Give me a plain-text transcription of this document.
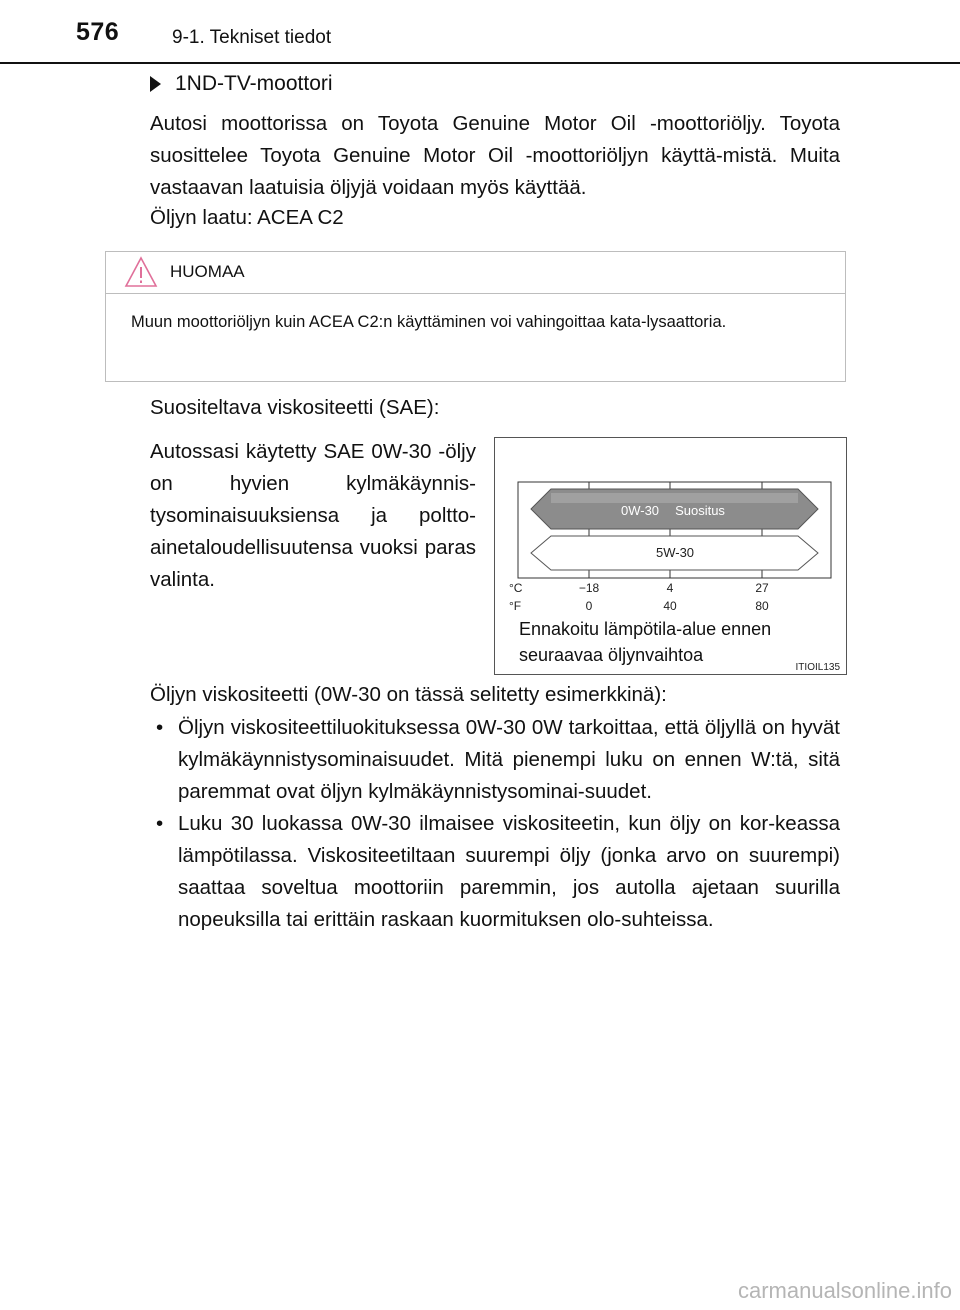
576	9-1. Tekniset tiedot
1ND-TV-moottori
Autosi moottorissa on Toyota Genuine Motor Oil -moottoriöljy. Toyota suosittelee Toyota Genuine Motor Oil -moottoriöljyn käyttä-mistä. Muita vastaavan laatuisia öljyjä voidaan myös käyttää.
Öljyn laatu: ACEA C2
HUOMAA
Muun moottoriöljyn kuin ACEA C2:n käyttäminen voi vahingoittaa kata-lysaattoria.
Suositeltava viskositeetti (SAE):
Autossasi käytetty SAE 0W-30 -öljy on hyvien kylmäkäynnis-tysominaisuuksiensa ja poltto-ainetaloudellisuutensa vuoksi paras valinta.
0W-30 Suositus
5W-30
°C
°F
−18	4	27
0	40	80
Ennakoitu lämpötila-alue ennen
seuraavaa öljynvaihtoa
ITIOIL135
Öljyn viskositeetti (0W-30 on tässä selitetty esimerkkinä):
• Öljyn viskositeettiluokituksessa 0W-30 0W tarkoittaa, että öljyllä on hyvät kylmäkäynnistysominaisuudet. Mitä pienempi luku on ennen W:tä, sitä paremmat ovat öljyn kylmäkäynnistysominai-suudet.
• Luku 30 luokassa 0W-30 ilmaisee viskositeetin, kun öljy on kor-keassa lämpötilassa. Viskositeetiltaan suurempi öljy (jonka arvo on suurempi) saattaa soveltua moottoriin paremmin, jos autolla ajetaan suurilla nopeuksilla tai erittäin raskaan kuormituksen olo-suhteissa.
carmanualsonline.info
